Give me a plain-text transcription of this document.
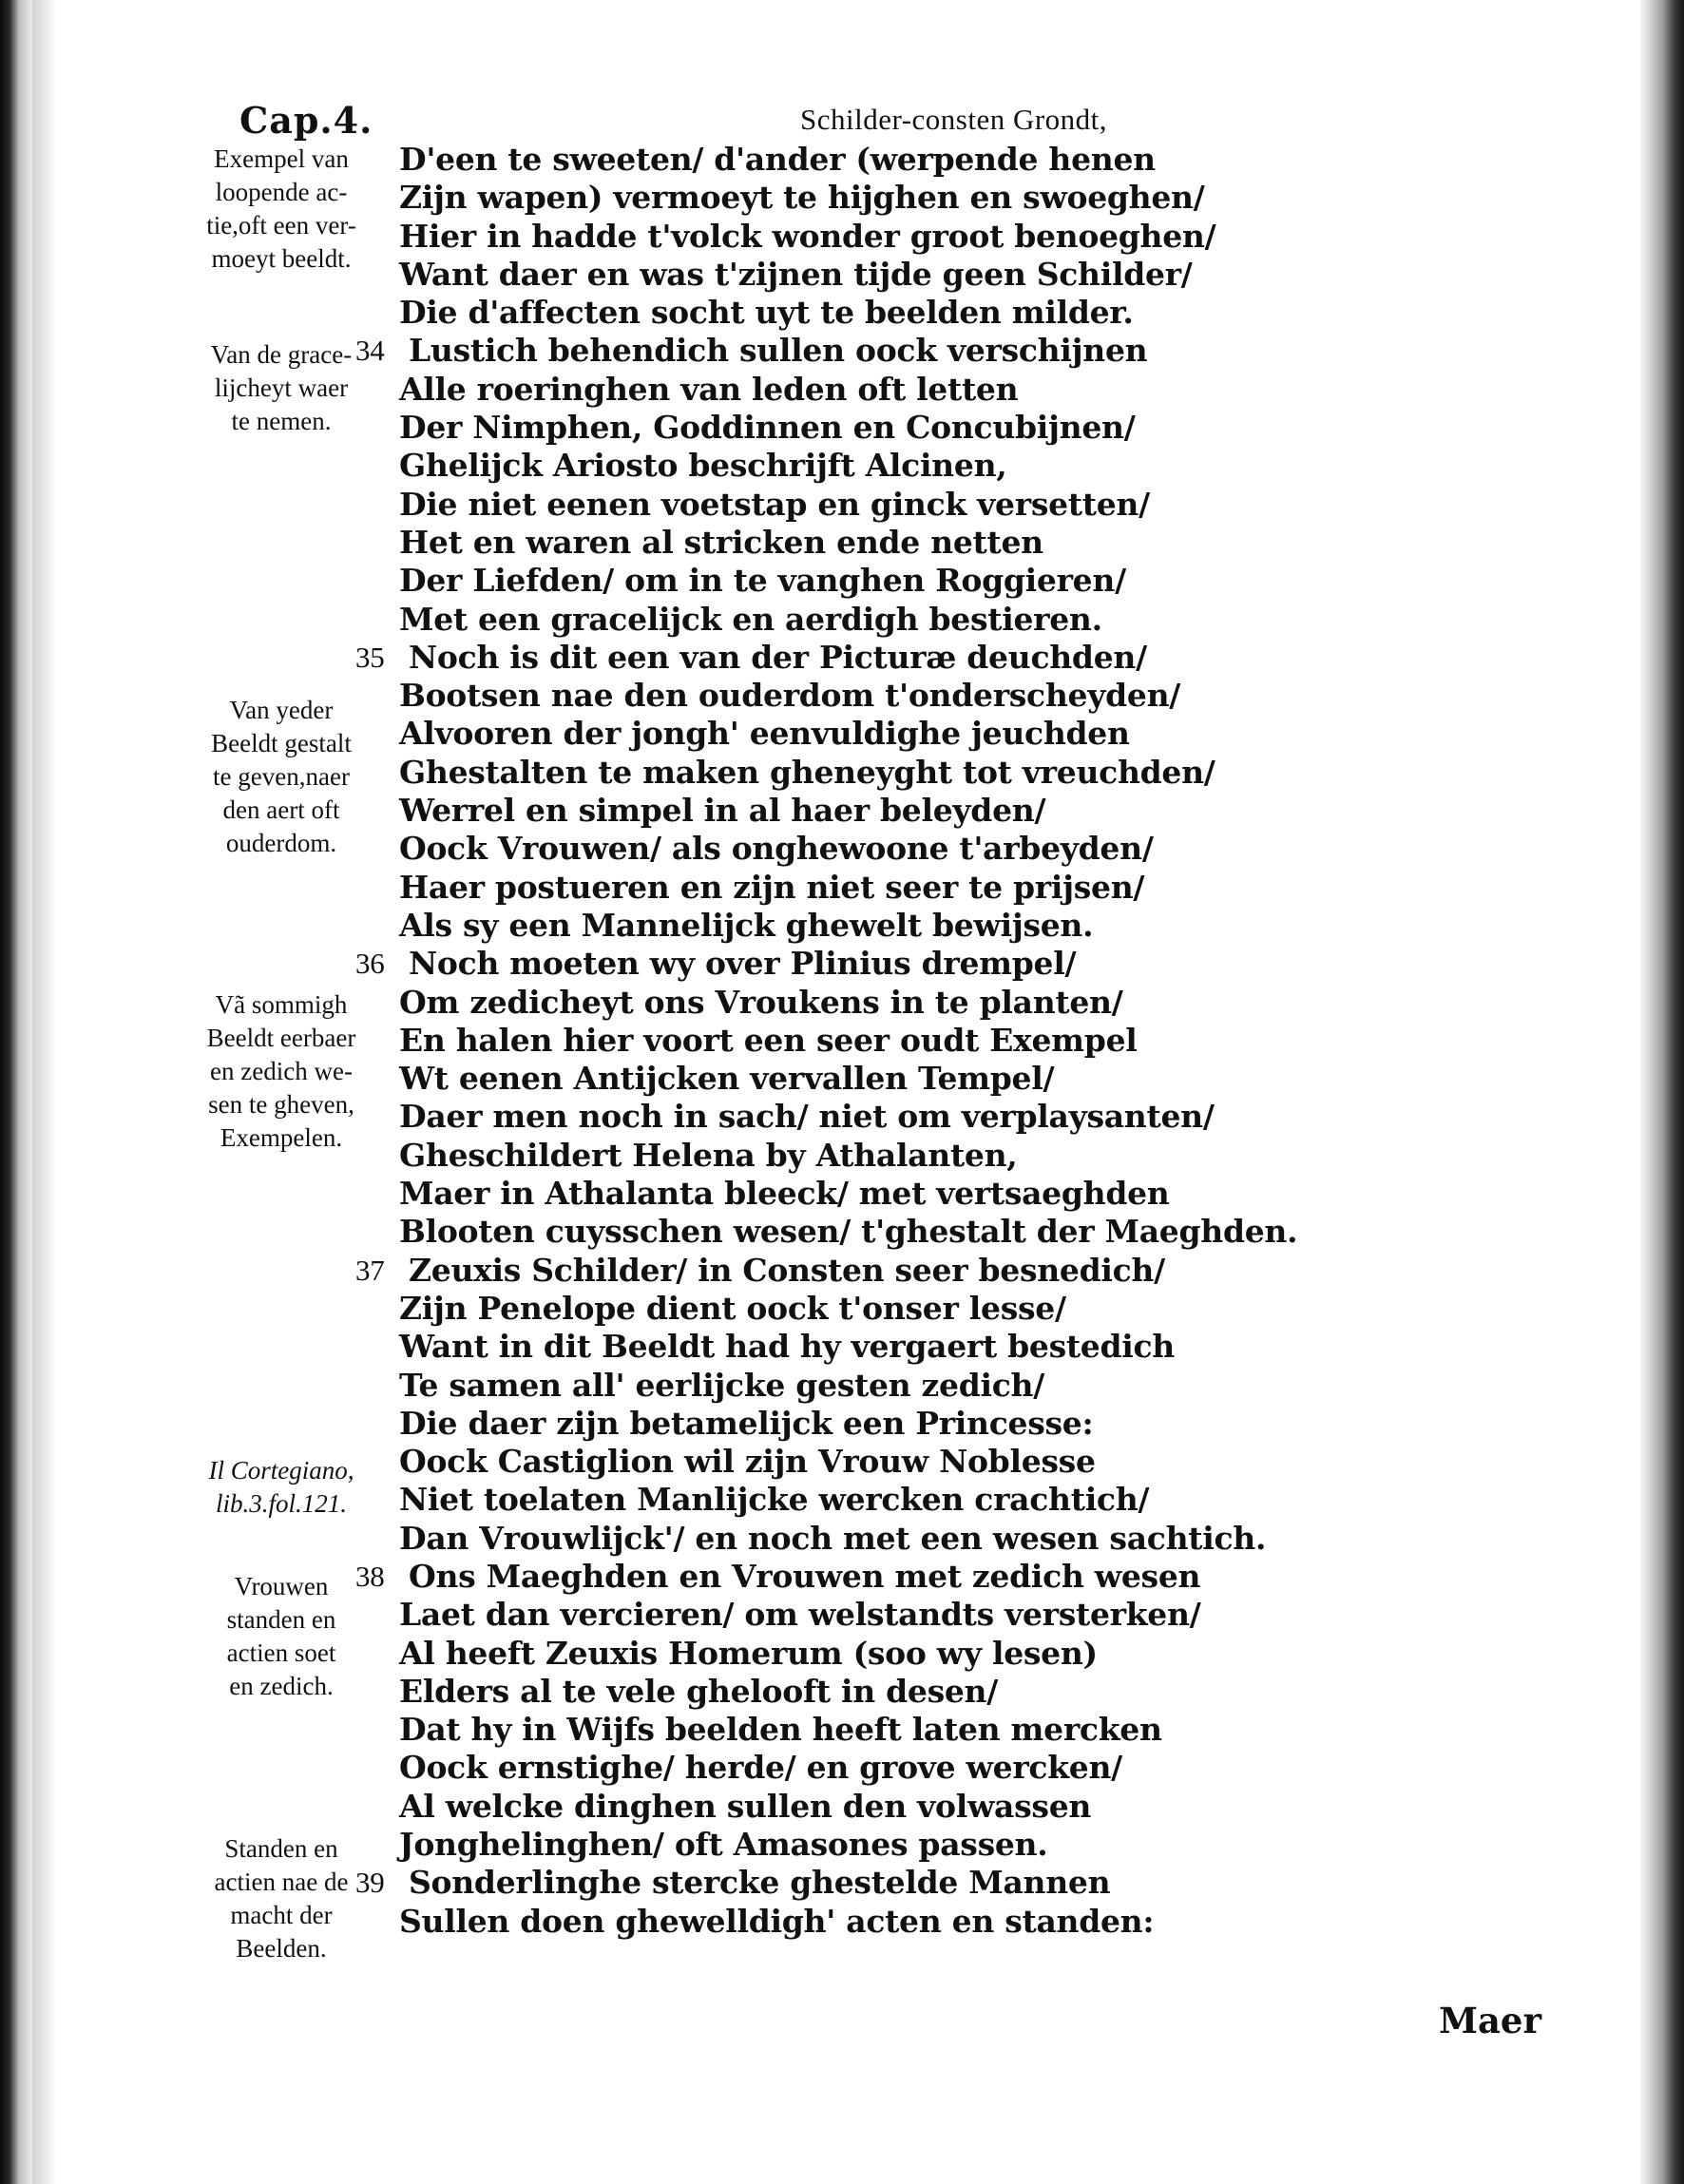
Cap.4.	Schilder-consten Grondt,
D'een te sweeten/ d'ander (werpende henen
Zijn wapen) vermoeyt te hijghen en swoeghen/
Hier in hadde t'volck wonder groot benoeghen/
Want daer en was t'zijnen tijde geen Schilder/
Die d'affecten socht uyt te beelden milder.
34 Lustich behendich sullen oock verschijnen
Alle roeringhen van leden oft letten
Der Nimphen, Goddinnen en Concubijnen/
Ghelijck Ariosto beschrijft Alcinen,
Die niet eenen voetstap en ginck versetten/
Het en waren al stricken ende netten
Der Liefden/ om in te vanghen Roggieren/
Met een gracelijck en aerdigh bestieren.
35 Noch is dit een van der Picturæ deuchden/
Bootsen nae den ouderdom t'onderscheyden/
Alvooren der jongh' eenvuldighe jeuchden
Ghestalten te maken gheneyght tot vreuchden/
Werrel en simpel in al haer beleyden/
Oock Vrouwen/ als onghewoone t'arbeyden/
Haer postueren en zijn niet seer te prijsen/
Als sy een Mannelijck ghewelt bewijsen.
36 Noch moeten wy over Plinius drempel/
Om zedicheyt ons Vroukens in te planten/
En halen hier voort een seer oudt Exempel
Wt eenen Antijcken vervallen Tempel/
Daer men noch in sach/ niet om verplaysanten/
Gheschildert Helena by Athalanten,
Maer in Athalanta bleeck/ met vertsaeghden
Blooten cuysschen wesen/ t'ghestalt der Maeghden.
37 Zeuxis Schilder/ in Consten seer besnedich/
Zijn Penelope dient oock t'onser lesse/
Want in dit Beeldt had hy vergaert bestedich
Te samen all' eerlijcke gesten zedich/
Die daer zijn betamelijck een Princesse:
Oock Castiglion wil zijn Vrouw Noblesse
Niet toelaten Manlijcke wercken crachtich/
Dan Vrouwlijck'/ en noch met een wesen sachtich.
38 Ons Maeghden en Vrouwen met zedich wesen
Laet dan vercieren/ om welstandts versterken/
Al heeft Zeuxis Homerum (soo wy lesen)
Elders al te vele ghelooft in desen/
Dat hy in Wijfs beelden heeft laten mercken
Oock ernstighe/ herde/ en grove wercken/
Al welcke dinghen sullen den volwassen
Jonghelinghen/ oft Amasones passen.
39 Sonderlinghe stercke ghestelde Mannen
Sullen doen ghewelldigh' acten en standen:
Exempel van
loopende ac-
tie,oft een ver-
moeyt beeldt.
Van de grace-
lijcheyt waer
te nemen.
Van yeder
Beeldt gestalt
te geven,naer
den aert oft
ouderdom.
Vã sommigh
Beeldt eerbaer
en zedich we-
sen te gheven,
Exempelen.
Il Cortegiano,
lib.3.fol.121.
Vrouwen
standen en
actien soet
en zedich.
Standen en
actien nae de
macht der
Beelden.
Maer
